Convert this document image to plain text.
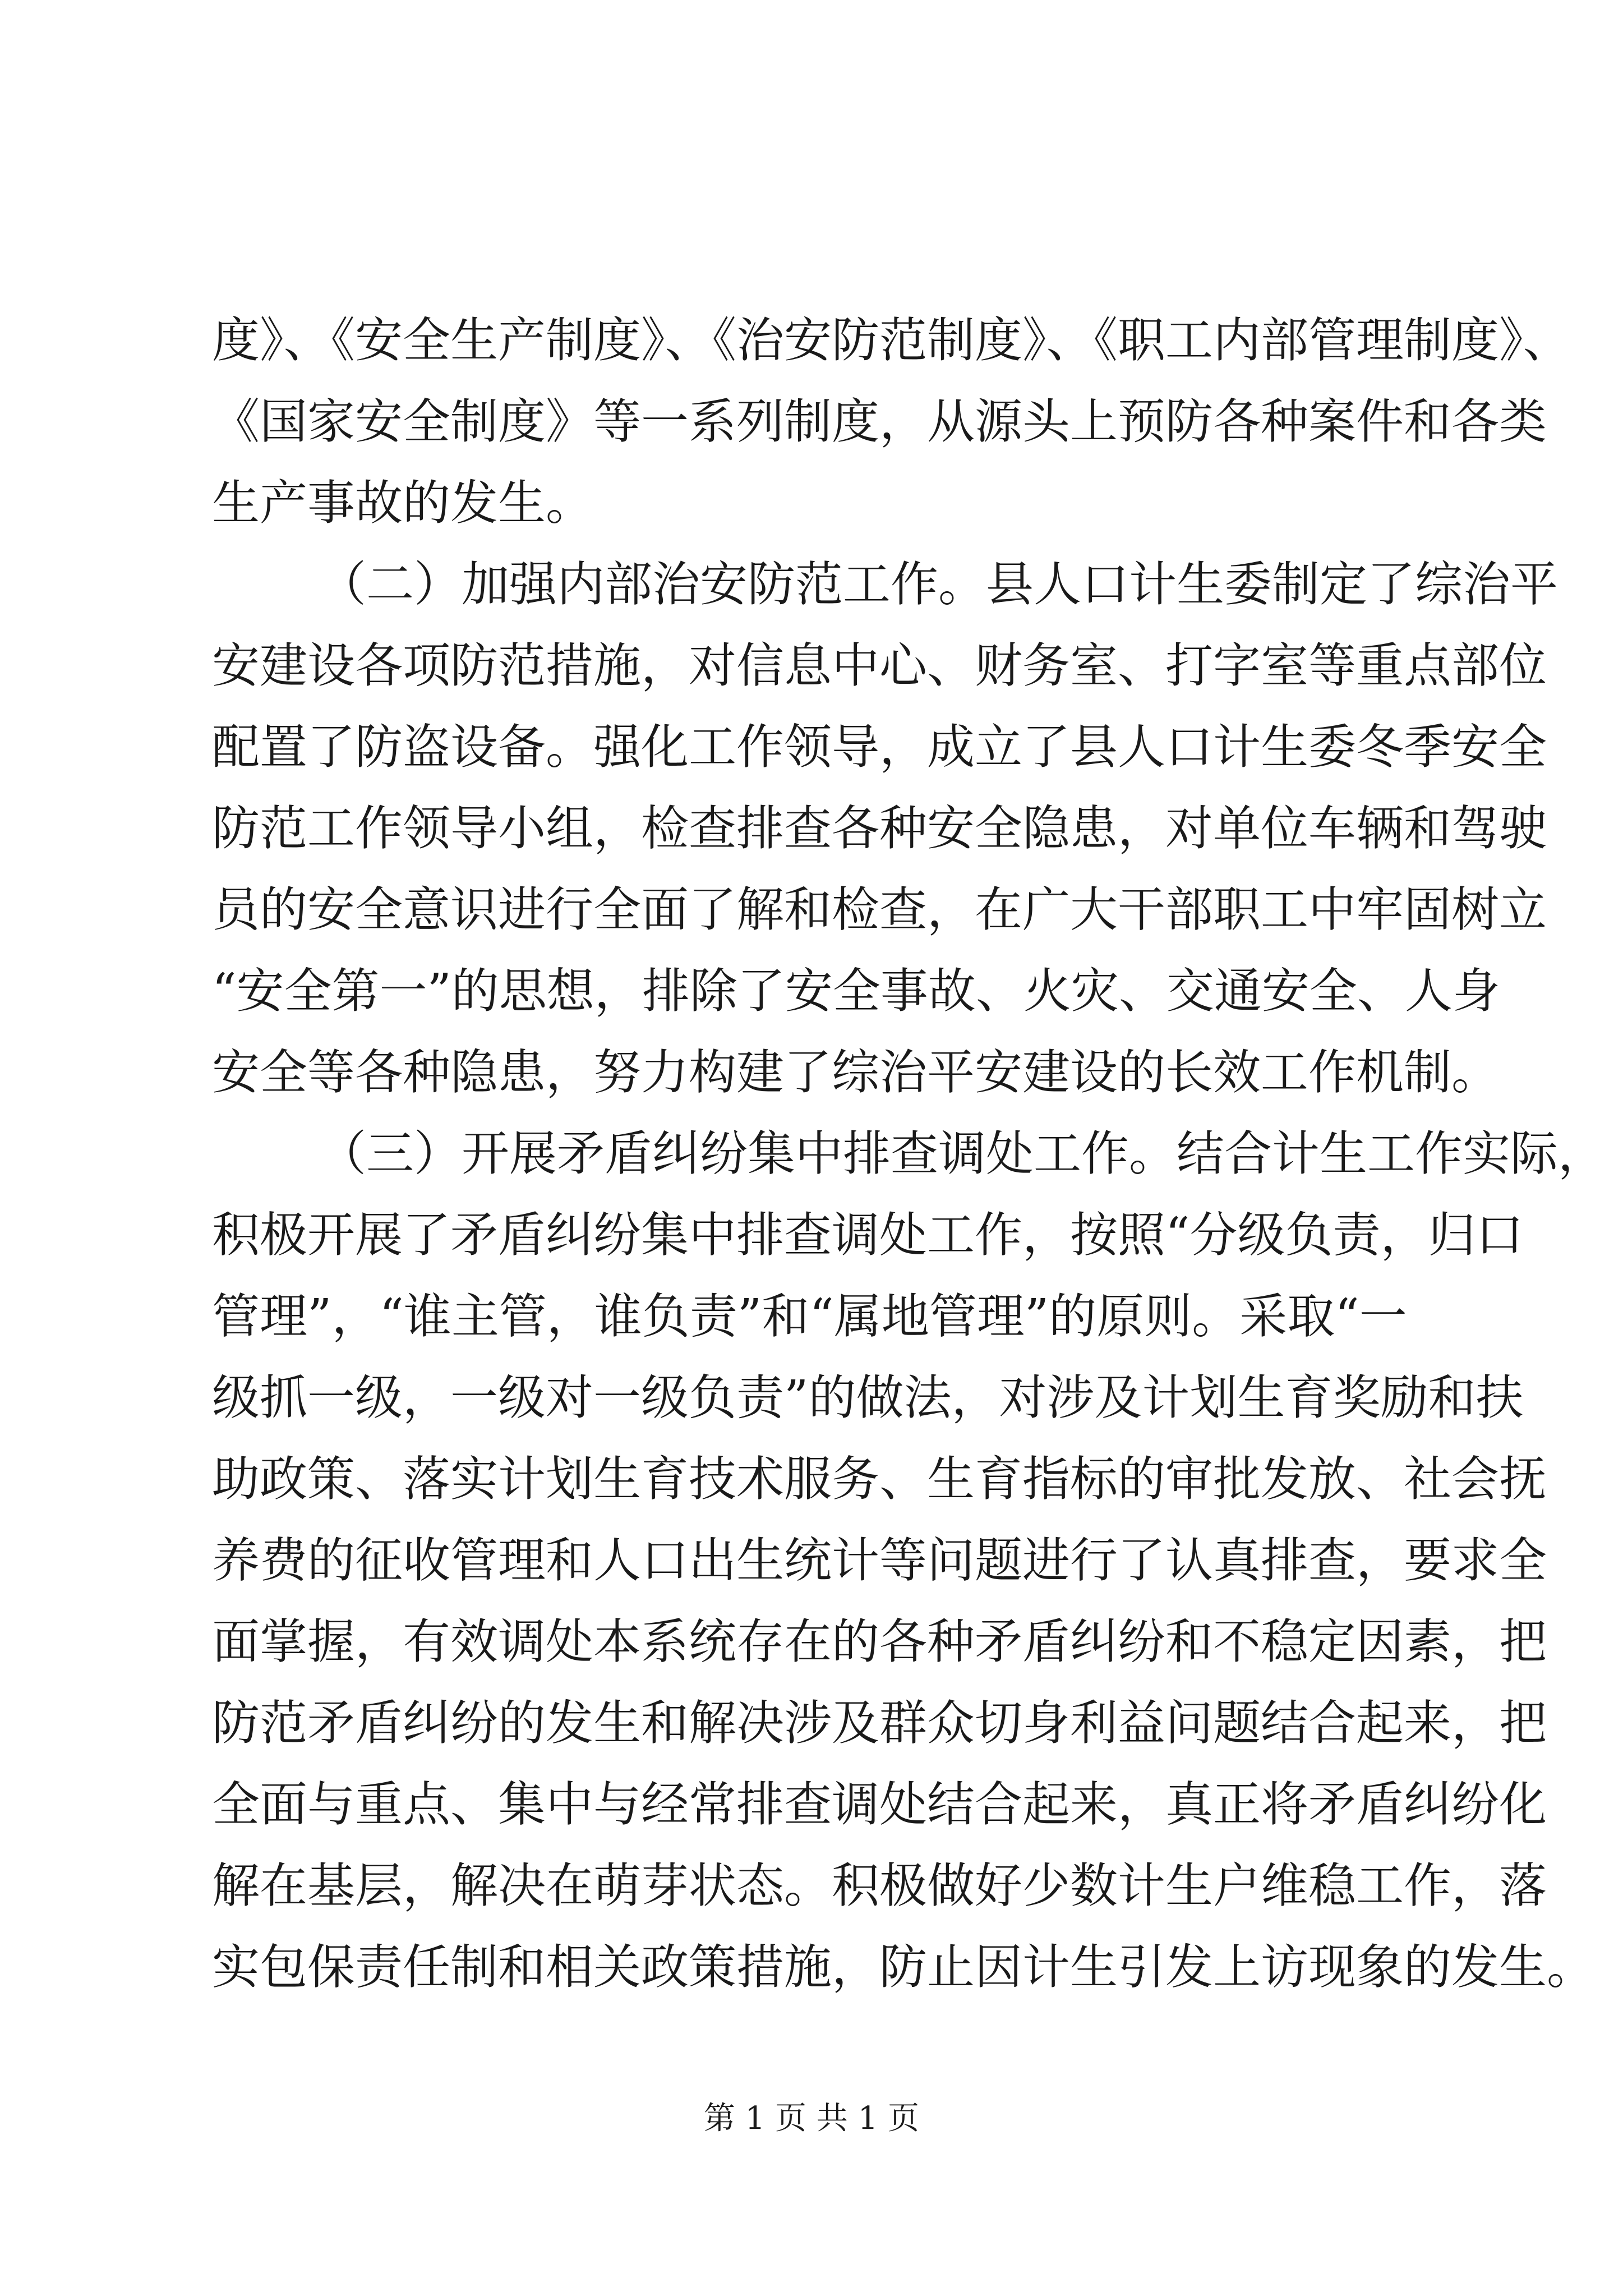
度》、《安全生产制度》、《治安防范制度》、《职工内部管理制度》、
《国家安全制度》等一系列制度，从源头上预防各种案件和各类
生产事故的发生。
（二）加强内部治安防范工作。县人口计生委制定了综治平
安建设各项防范措施，对信息中心、财务室、打字室等重点部位
配置了防盗设备。强化工作领导，成立了县人口计生委冬季安全
防范工作领导小组，检查排查各种安全隐患，对单位车辆和驾驶
员的安全意识进行全面了解和检查，在广大干部职工中牢固树立
“安全第一”的思想，排除了安全事故、火灾、交通安全、人身
安全等各种隐患，努力构建了综治平安建设的长效工作机制。
（三）开展矛盾纠纷集中排查调处工作。结合计生工作实际，
积极开展了矛盾纠纷集中排查调处工作，按照“分级负责，归口
管理”，“谁主管，谁负责”和“属地管理”的原则。采取“一
级抓一级，一级对一级负责”的做法，对涉及计划生育奖励和扶
助政策、落实计划生育技术服务、生育指标的审批发放、社会抚
养费的征收管理和人口出生统计等问题进行了认真排查，要求全
面掌握，有效调处本系统存在的各种矛盾纠纷和不稳定因素，把
防范矛盾纠纷的发生和解决涉及群众切身利益问题结合起来，把
全面与重点、集中与经常排查调处结合起来，真正将矛盾纠纷化
解在基层，解决在萌芽状态。积极做好少数计生户维稳工作，落
实包保责任制和相关政策措施，防止因计生引发上访现象的发生。
第 1 页 共 1 页
